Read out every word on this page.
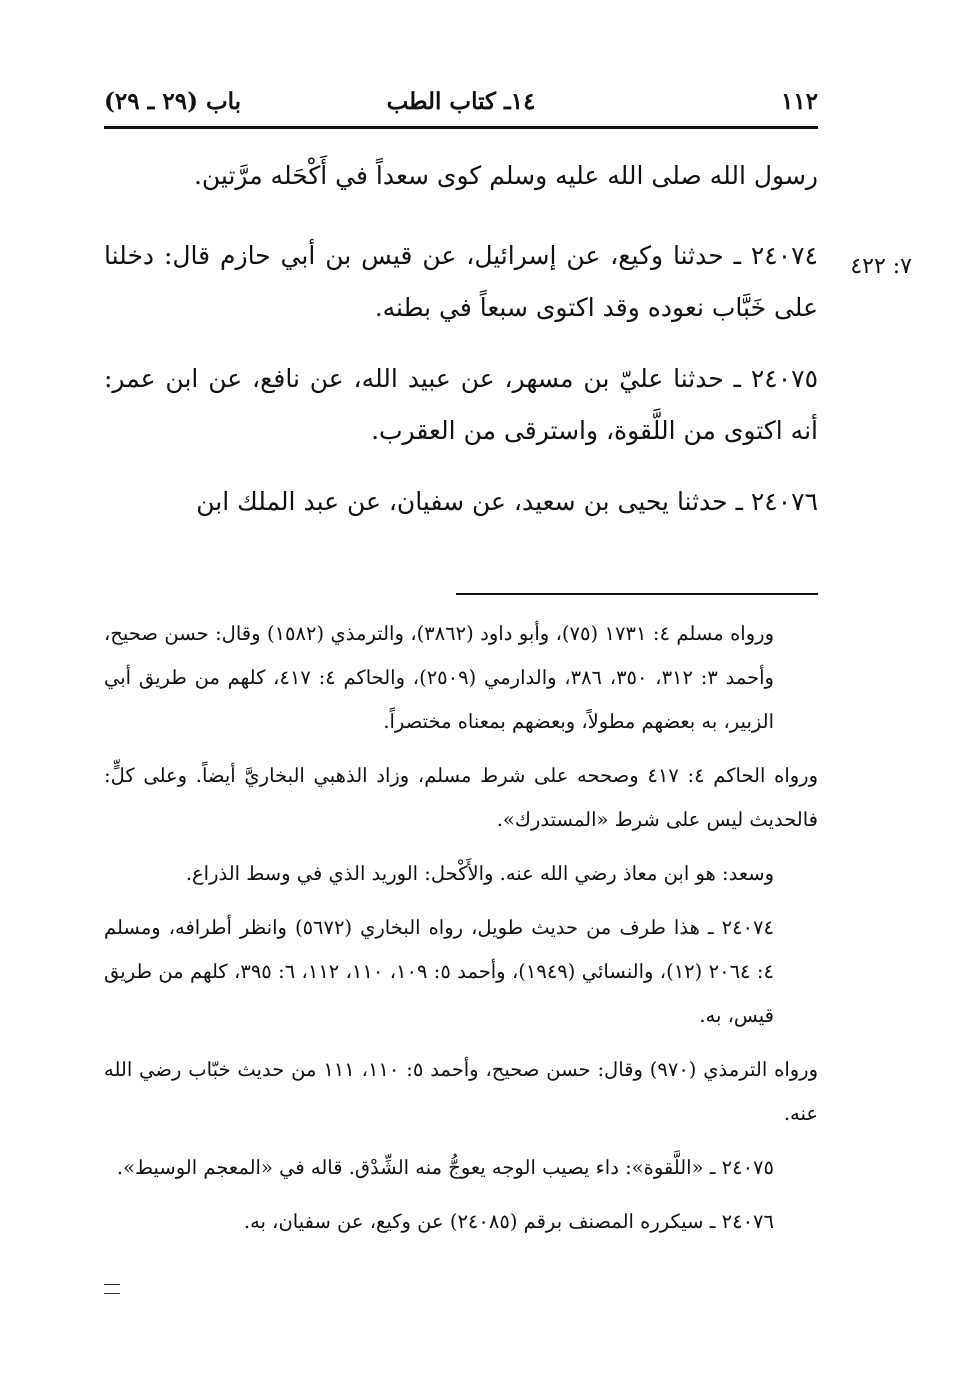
١١٢
١٤ـ كتاب الطب
باب (٢٩ ـ ٢٩)
٧: ٤٢٢

رسول الله صلى الله عليه وسلم كوى سعداً في أَكْحَله مرَّتين.

٢٤٠٧٤ ـ حدثنا وكيع، عن إسرائيل، عن قيس بن أبي حازم قال: دخلنا على خَبَّاب نعوده وقد اكتوى سبعاً في بطنه.

٢٤٠٧٥ ـ حدثنا عليّ بن مسهر، عن عبيد الله، عن نافع، عن ابن عمر: أنه اكتوى من اللَّقوة، واسترقى من العقرب.

٢٤٠٧٦ ـ حدثنا يحيى بن سعيد، عن سفيان، عن عبد الملك ابن

ورواه مسلم ٤: ١٧٣١ (٧٥)، وأبو داود (٣٨٦٢)، والترمذي (١٥٨٢) وقال: حسن صحيح، وأحمد ٣: ٣١٢، ٣٥٠، ٣٨٦، والدارمي (٢٥٠٩)، والحاكم ٤: ٤١٧، كلهم من طريق أبي الزبير، به بعضهم مطولاً، وبعضهم بمعناه مختصراً.

ورواه الحاكم ٤: ٤١٧ وصححه على شرط مسلم، وزاد الذهبي البخاريَّ أيضاً. وعلى كلٍّ: فالحديث ليس على شرط «المستدرك».

وسعد: هو ابن معاذ رضي الله عنه. والأَكْحل: الوريد الذي في وسط الذراع.

٢٤٠٧٤ ـ هذا طرف من حديث طويل، رواه البخاري (٥٦٧٢) وانظر أطرافه، ومسلم ٤: ٢٠٦٤ (١٢)، والنسائي (١٩٤٩)، وأحمد ٥: ١٠٩، ١١٠، ١١٢، ٦: ٣٩٥، كلهم من طريق قيس، به.

ورواه الترمذي (٩٧٠) وقال: حسن صحيح، وأحمد ٥: ١١٠، ١١١ من حديث خبّاب رضي الله عنه.

٢٤٠٧٥ ـ «اللَّقوة»: داء يصيب الوجه يعوجُّ منه الشِّدْق. قاله في «المعجم الوسيط».

٢٤٠٧٦ ـ سيكرره المصنف برقم (٢٤٠٨٥) عن وكيع، عن سفيان، به.
